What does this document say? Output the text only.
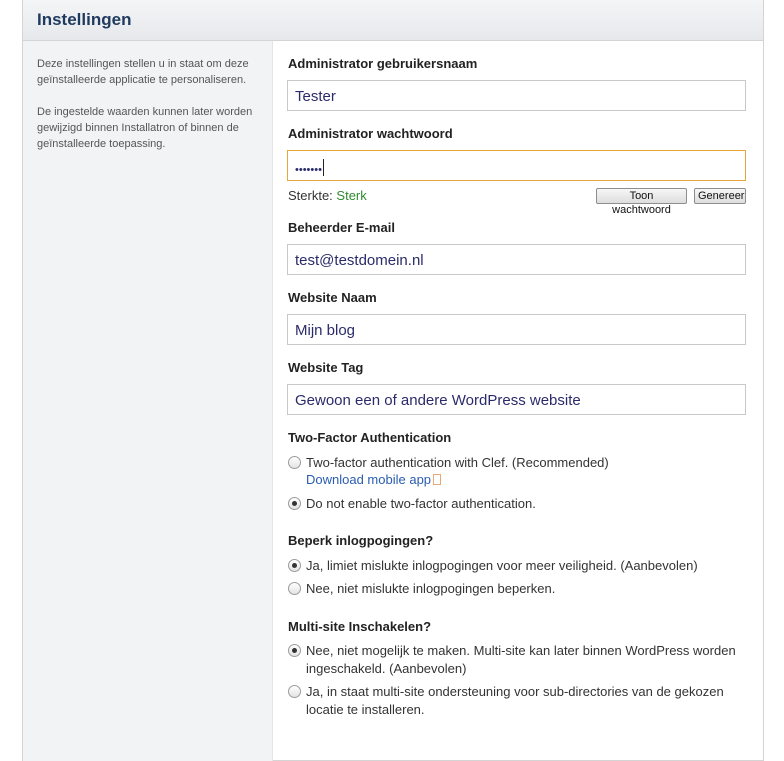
Instellingen

Deze instellingen stellen u in staat om deze geïnstalleerde applicatie te personaliseren.

De ingestelde waarden kunnen later worden gewijzigd binnen Installatron of binnen de geïnstalleerde toepassing.

Administrator gebruikersnaam
Tester
Administrator wachtwoord
•••••••
Sterkte: Sterk	Toon wachtwoord
Genereer
Beheerder E-mail
test@testdomein.nl
Website Naam
Mijn blog
Website Tag
Gewoon een of andere WordPress website
Two-Factor Authentication
Two-factor authentication with Clef. (Recommended)
Download mobile app
Do not enable two-factor authentication.
Beperk inlogpogingen?
Ja, limiet mislukte inlogpogingen voor meer veiligheid. (Aanbevolen)
Nee, niet mislukte inlogpogingen beperken.
Multi-site Inschakelen?
Nee, niet mogelijk te maken. Multi-site kan later binnen WordPress worden
ingeschakeld. (Aanbevolen)
Ja, in staat multi-site ondersteuning voor sub-directories van de gekozen
locatie te installeren.
